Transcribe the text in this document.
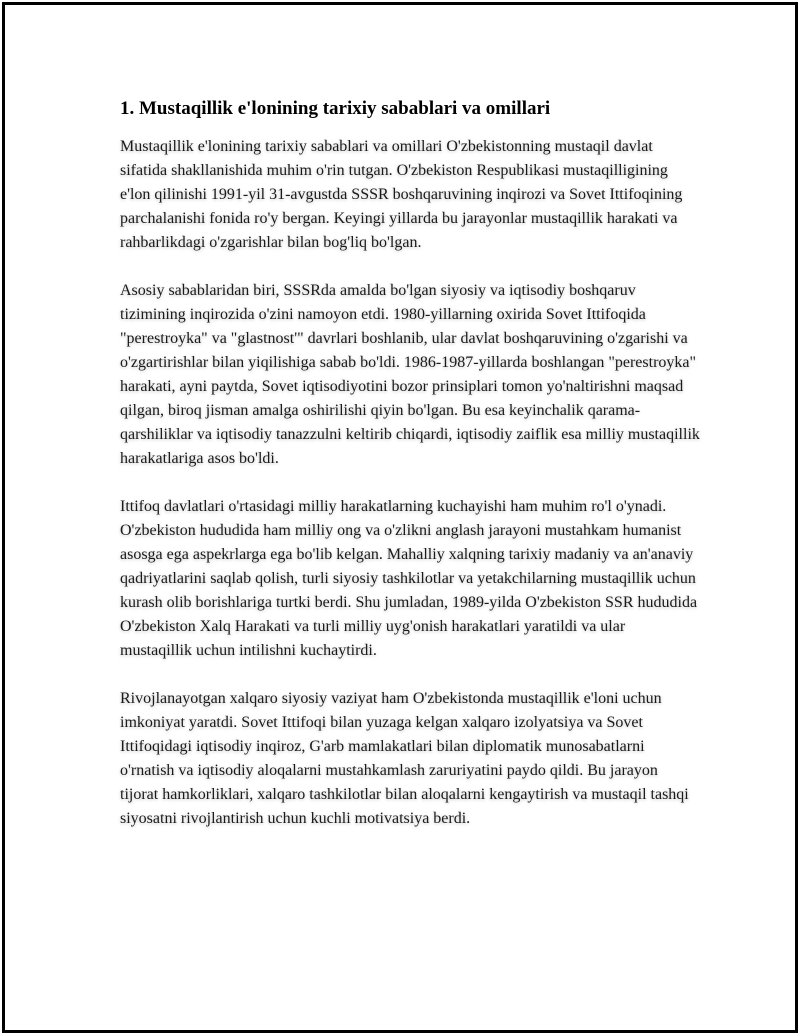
1. Mustaqillik e'lonining tarixiy sabablari va omillari

Mustaqillik e'lonining tarixiy sabablari va omillari O'zbekistonning mustaqil davlat sifatida shakllanishida muhim o'rin tutgan. O'zbekiston Respublikasi mustaqilligining e'lon qilinishi 1991-yil 31-avgustda SSSR boshqaruvining inqirozi va Sovet Ittifoqining parchalanishi fonida ro'y bergan. Keyingi yillarda bu jarayonlar mustaqillik harakati va rahbarlikdagi o'zgarishlar bilan bog'liq bo'lgan.

Asosiy sabablaridan biri, SSSRda amalda bo'lgan siyosiy va iqtisodiy boshqaruv tizimining inqirozida o'zini namoyon etdi. 1980-yillarning oxirida Sovet Ittifoqida "perestroyka" va "glastnost'" davrlari boshlanib, ular davlat boshqaruvining o'zgarishi va o'zgartirishlar bilan yiqilishiga sabab bo'ldi. 1986-1987-yillarda boshlangan "perestroyka" harakati, ayni paytda, Sovet iqtisodiyotini bozor prinsiplari tomon yo'naltirishni maqsad qilgan, biroq jisman amalga oshirilishi qiyin bo'lgan. Bu esa keyinchalik qarama-qarshiliklar va iqtisodiy tanazzulni keltirib chiqardi, iqtisodiy zaiflik esa milliy mustaqillik harakatlariga asos bo'ldi.

Ittifoq davlatlari o'rtasidagi milliy harakatlarning kuchayishi ham muhim ro'l o'ynadi. O'zbekiston hududida ham milliy ong va o'zlikni anglash jarayoni mustahkam humanist asosga ega aspekrlarga ega bo'lib kelgan. Mahalliy xalqning tarixiy madaniy va an'anaviy qadriyatlarini saqlab qolish, turli siyosiy tashkilotlar va yetakchilarning mustaqillik uchun kurash olib borishlariga turtki berdi. Shu jumladan, 1989-yilda O'zbekiston SSR hududida O'zbekiston Xalq Harakati va turli milliy uyg'onish harakatlari yaratildi va ular mustaqillik uchun intilishni kuchaytirdi.

Rivojlanayotgan xalqaro siyosiy vaziyat ham O'zbekistonda mustaqillik e'loni uchun imkoniyat yaratdi. Sovet Ittifoqi bilan yuzaga kelgan xalqaro izolyatsiya va Sovet Ittifoqidagi iqtisodiy inqiroz, G'arb mamlakatlari bilan diplomatik munosabatlarni o'rnatish va iqtisodiy aloqalarni mustahkamlash zaruriyatini paydo qildi. Bu jarayon tijorat hamkorliklari, xalqaro tashkilotlar bilan aloqalarni kengaytirish va mustaqil tashqi siyosatni rivojlantirish uchun kuchli motivatsiya berdi.
